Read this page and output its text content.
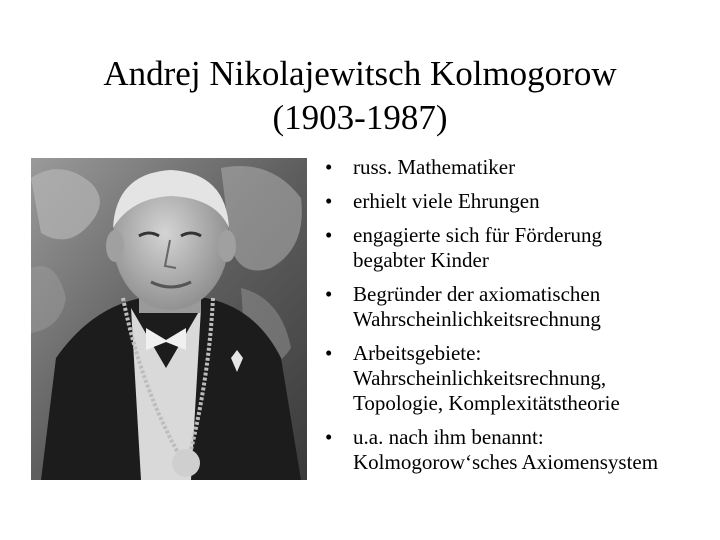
Andrej Nikolajewitsch Kolmogorow
(1903-1987)
• russ. Mathematiker
• erhielt viele Ehrungen
• engagierte sich für Förderung
begabter Kinder
• Begründer der axiomatischen
Wahrscheinlichkeitsrechnung
• Arbeitsgebiete:
Wahrscheinlichkeitsrechnung,
Topologie, Komplexitätstheorie
• u.a. nach ihm benannt:
Kolmogorow‘sches Axiomensystem
